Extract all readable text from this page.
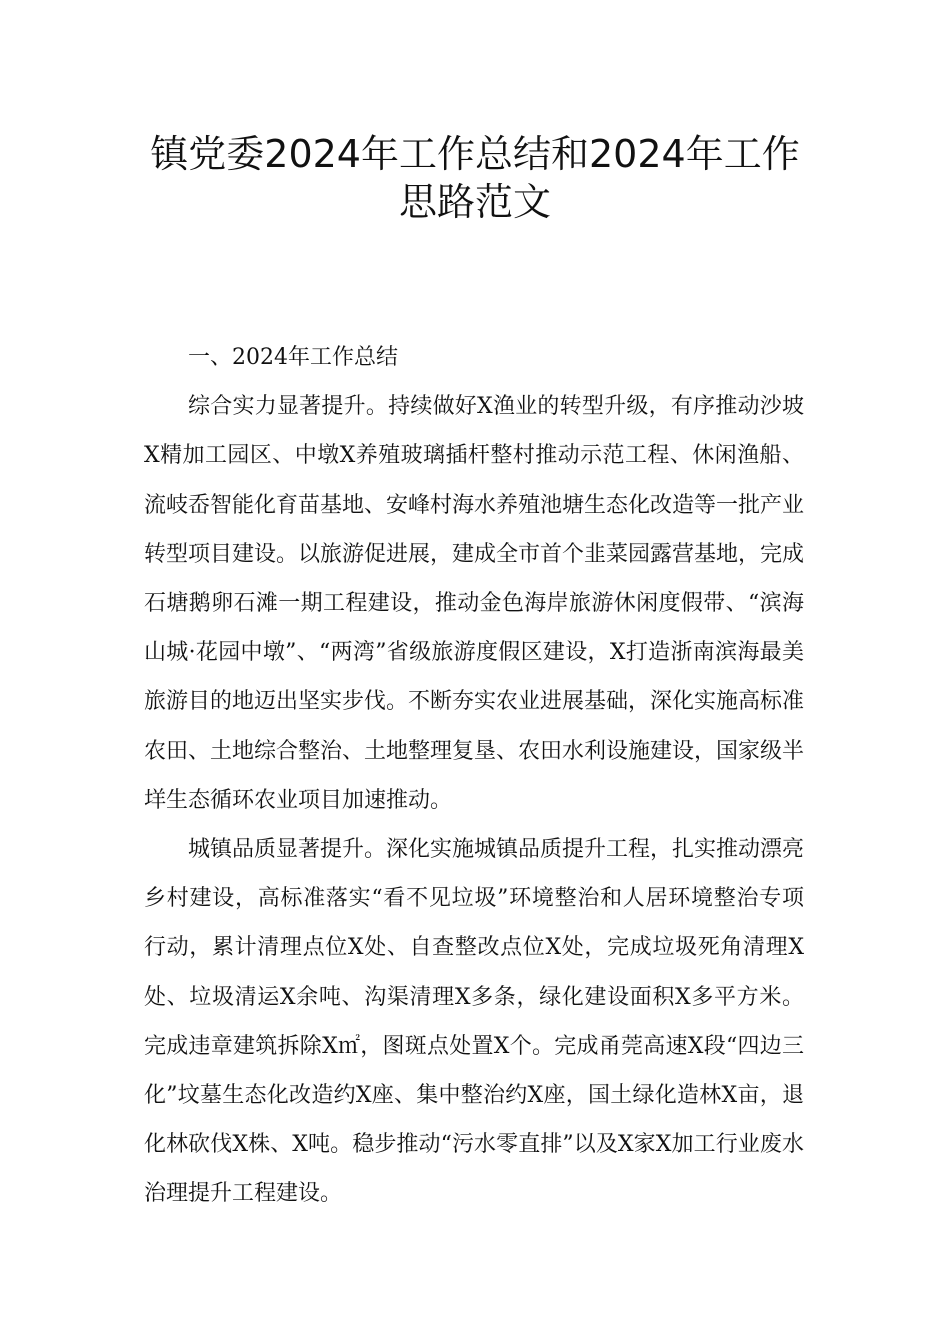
镇党委2024年工作总结和2024年工作
思路范文

一、2024年工作总结

综合实力显著提升。持续做好X渔业的转型升级，有序推动沙坡X精加工园区、中墩X养殖玻璃插杆整村推动示范工程、休闲渔船、流岐岙智能化育苗基地、安峰村海水养殖池塘生态化改造等一批产业转型项目建设。以旅游促进展，建成全市首个韭菜园露营基地，完成石塘鹅卵石滩一期工程建设，推动金色海岸旅游休闲度假带、“滨海山城·花园中墩”、“两湾”省级旅游度假区建设，X打造浙南滨海最美旅游目的地迈出坚实步伐。不断夯实农业进展基础，深化实施高标准农田、土地综合整治、土地整理复垦、农田水利设施建设，国家级半垟生态循环农业项目加速推动。

城镇品质显著提升。深化实施城镇品质提升工程，扎实推动漂亮乡村建设，高标准落实“看不见垃圾”环境整治和人居环境整治专项行动，累计清理点位X处、自查整改点位X处，完成垃圾死角清理X处、垃圾清运X余吨、沟渠清理X多条，绿化建设面积X多平方米。完成违章建筑拆除X㎡，图斑点处置X个。完成甬莞高速X段“四边三化”坟墓生态化改造约X座、集中整治约X座，国土绿化造林X亩，退化林砍伐X株、X吨。稳步推动“污水零直排”以及X家X加工行业废水治理提升工程建设。
